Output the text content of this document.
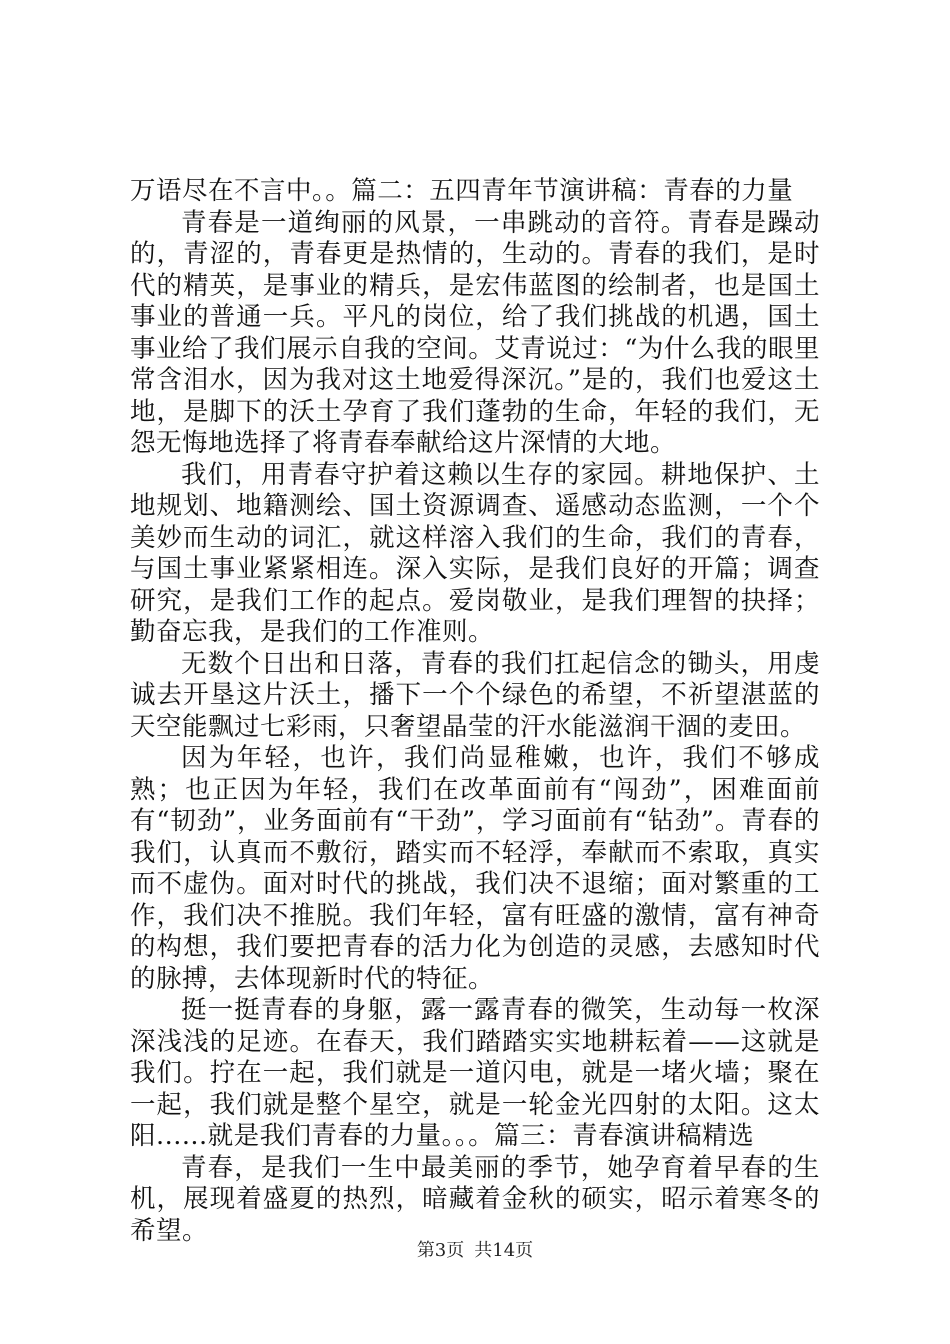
万语尽在不言中。。篇二：五四青年节演讲稿：青春的力量

青春是一道绚丽的风景，一串跳动的音符。青春是躁动的，青涩的，青春更是热情的，生动的。青春的我们，是时代的精英，是事业的精兵，是宏伟蓝图的绘制者，也是国土事业的普通一兵。平凡的岗位，给了我们挑战的机遇，国土事业给了我们展示自我的空间。艾青说过：“为什么我的眼里常含泪水，因为我对这土地爱得深沉。”是的，我们也爱这土地，是脚下的沃土孕育了我们蓬勃的生命，年轻的我们，无怨无悔地选择了将青春奉献给这片深情的大地。

我们，用青春守护着这赖以生存的家园。耕地保护、土地规划、地籍测绘、国土资源调查、遥感动态监测，一个个美妙而生动的词汇，就这样溶入我们的生命，我们的青春，与国土事业紧紧相连。深入实际，是我们良好的开篇；调查研究，是我们工作的起点。爱岗敬业，是我们理智的抉择；勤奋忘我，是我们的工作准则。

无数个日出和日落，青春的我们扛起信念的锄头，用虔诚去开垦这片沃土，播下一个个绿色的希望，不祈望湛蓝的天空能飘过七彩雨，只奢望晶莹的汗水能滋润干涸的麦田。

因为年轻，也许，我们尚显稚嫩，也许，我们不够成熟；也正因为年轻，我们在改革面前有“闯劲”，困难面前有“韧劲”，业务面前有“干劲”，学习面前有“钻劲”。青春的我们，认真而不敷衍，踏实而不轻浮，奉献而不索取，真实而不虚伪。面对时代的挑战，我们决不退缩；面对繁重的工作，我们决不推脱。我们年轻，富有旺盛的激情，富有神奇的构想，我们要把青春的活力化为创造的灵感，去感知时代的脉搏，去体现新时代的特征。

挺一挺青春的身躯，露一露青春的微笑，生动每一枚深深浅浅的足迹。在春天，我们踏踏实实地耕耘着——这就是我们。拧在一起，我们就是一道闪电，就是一堵火墙；聚在一起，我们就是整个星空，就是一轮金光四射的太阳。这太阳......就是我们青春的力量。。。篇三：青春演讲稿精选

青春，是我们一生中最美丽的季节，她孕育着早春的生机，展现着盛夏的热烈，暗藏着金秋的硕实，昭示着寒冬的希望。

第3页 共14页
